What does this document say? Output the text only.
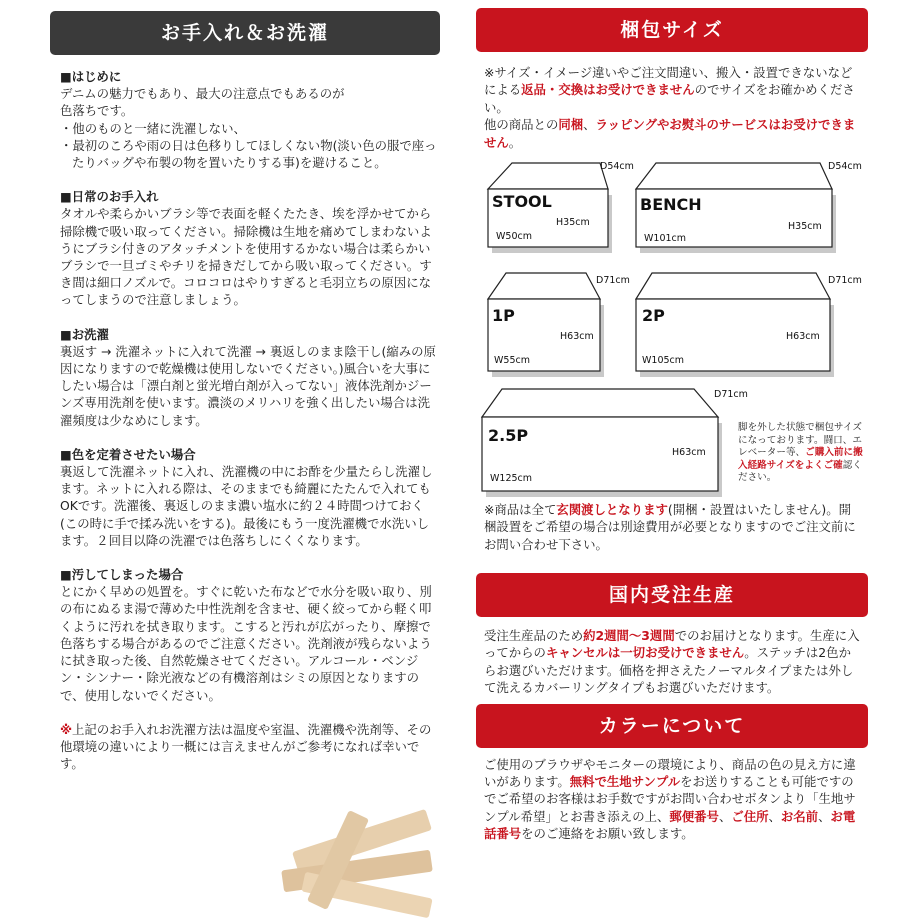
お手入れ＆お洗濯

■はじめに

デニムの魅力でもあり、最大の注意点でもあるのが

色落ちです。

・他のものと一緒に洗濯しない、

・最初のころや雨の日は色移りしてほしくない物(淡い色の服で座ったりバッグや布製の物を置いたりする事)を避けること。

■日常のお手入れ

タオルや柔らかいブラシ等で表面を軽くたたき、埃を浮かせてから掃除機で吸い取ってください。掃除機は生地を痛めてしまわないようにブラシ付きのアタッチメントを使用するかない場合は柔らかいブラシで一旦ゴミやチリを掃きだしてから吸い取ってください。すき間は細口ノズルで。コロコロはやりすぎると毛羽立ちの原因になってしまうので注意しましょう。

■お洗濯

裏返す → 洗濯ネットに入れて洗濯 → 裏返しのまま陰干し(縮みの原因になりますので乾燥機は使用しないでください。)風合いを大事にしたい場合は「漂白剤と蛍光増白剤が入ってない」液体洗剤かジーンズ専用洗剤を使います。濃淡のメリハリを強く出したい場合は洗濯頻度は少なめにします。

■色を定着させたい場合

裏返して洗濯ネットに入れ、洗濯機の中にお酢を少量たらし洗濯します。ネットに入れる際は、そのままでも綺麗にたたんで入れてもOKです。洗濯後、裏返しのまま濃い塩水に約２４時間つけておく(この時に手で揉み洗いをする)。最後にもう一度洗濯機で水洗いします。２回目以降の洗濯では色落ちしにくくなります。

■汚してしまった場合

とにかく早めの処置を。すぐに乾いた布などで水分を吸い取り、別の布にぬるま湯で薄めた中性洗剤を含ませ、硬く絞ってから軽く叩くように汚れを拭き取ります。こすると汚れが広がったり、摩擦で色落ちする場合があるのでご注意ください。洗剤液が残らないように拭き取った後、自然乾燥させてください。アルコール・ベンジン・シンナー・除光液などの有機溶剤はシミの原因となりますので、使用しないでください。

※上記のお手入れお洗濯方法は温度や室温、洗濯機や洗剤等、その他環境の違いにより一概には言えませんがご参考になれば幸いです。

梱包サイズ

※サイズ・イメージ違いやご注文間違い、搬入・設置できないなどによる返品・交換はお受けできませんのでサイズをお確かめください。

他の商品との同梱、ラッピングやお熨斗のサービスはお受けできません。

STOOL
H35cm
W50cm
D54cm
BENCH
H35cm
W101cm
D54cm
1P
H63cm
W55cm
D71cm
2P
H63cm
W105cm
D71cm
2.5P
H63cm
W125cm
D71cm
脚を外した状態で梱包サイズになっております。闘口、エレベーター等、ご購入前に搬入経路サイズをよくご確認ください。

※商品は全て玄関渡しとなります(開梱・設置はいたしません)。開梱設置をご希望の場合は別途費用が必要となりますのでご注文前にお問い合わせ下さい。

国内受注生産

受注生産品のため約2週間〜3週間でのお届けとなります。生産に入ってからのキャンセルは一切お受けできません。ステッチは2色からお選びいただけます。価格を押さえたノーマルタイプまたは外して洗えるカバーリングタイプもお選びいただけます。

カラーについて

ご使用のブラウザやモニターの環境により、商品の色の見え方に違いがあります。無料で生地サンプルをお送りすることも可能ですのでご希望のお客様はお手数ですがお問い合わせボタンより「生地サンプル希望」とお書き添えの上、郵便番号、ご住所、お名前、お電話番号をのご連絡をお願い致します。
